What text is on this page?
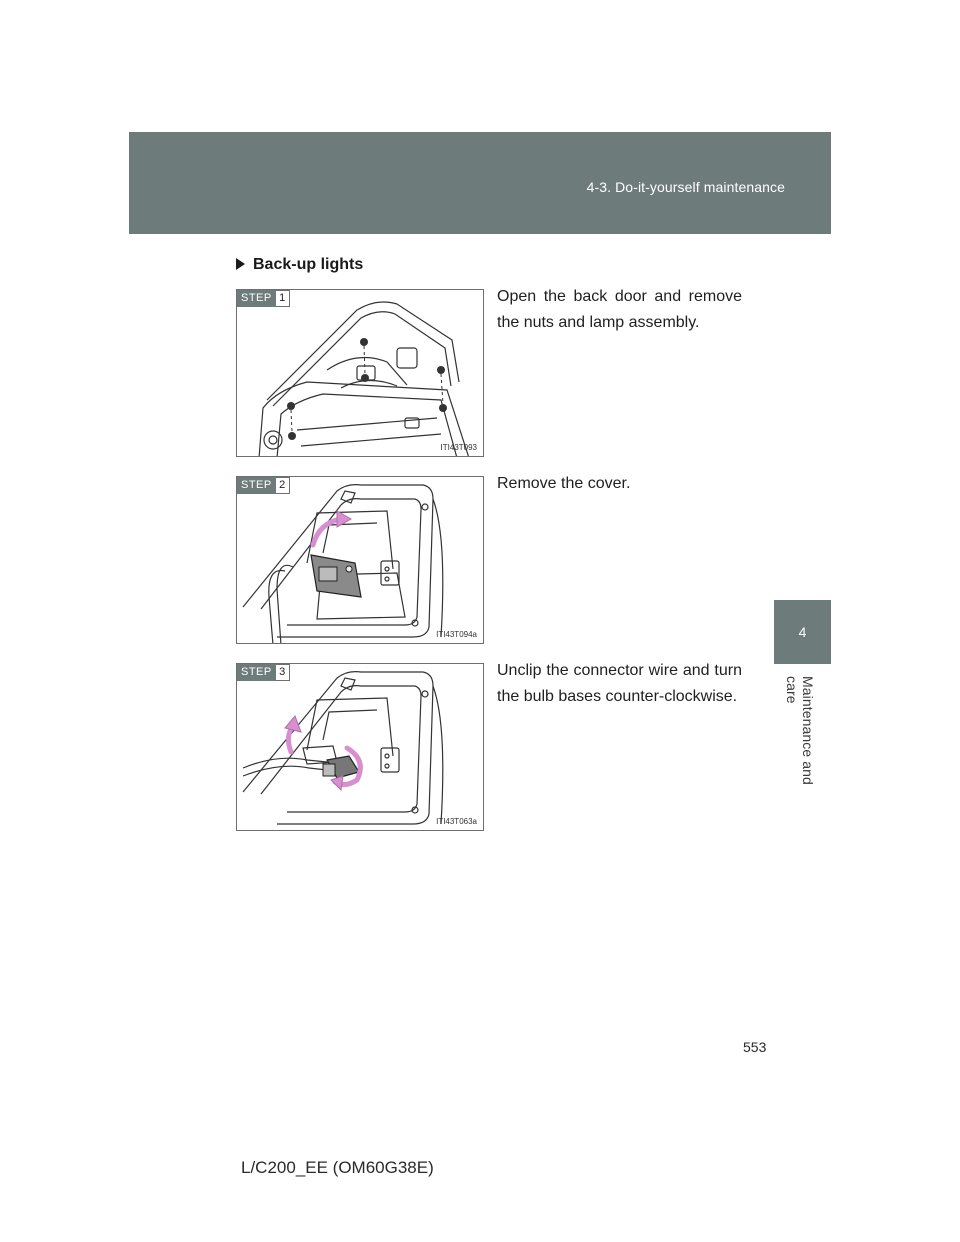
4-3. Do-it-yourself maintenance
4
Maintenance and care
Back-up lights
STEP 1
ITI43T093
Open the back door and remove the nuts and lamp assembly.
STEP 2
ITI43T094a
Remove the cover.
STEP 3
ITI43T063a
Unclip the connector wire and turn the bulb bases counter-clockwise.
553
L/C200_EE (OM60G38E)
